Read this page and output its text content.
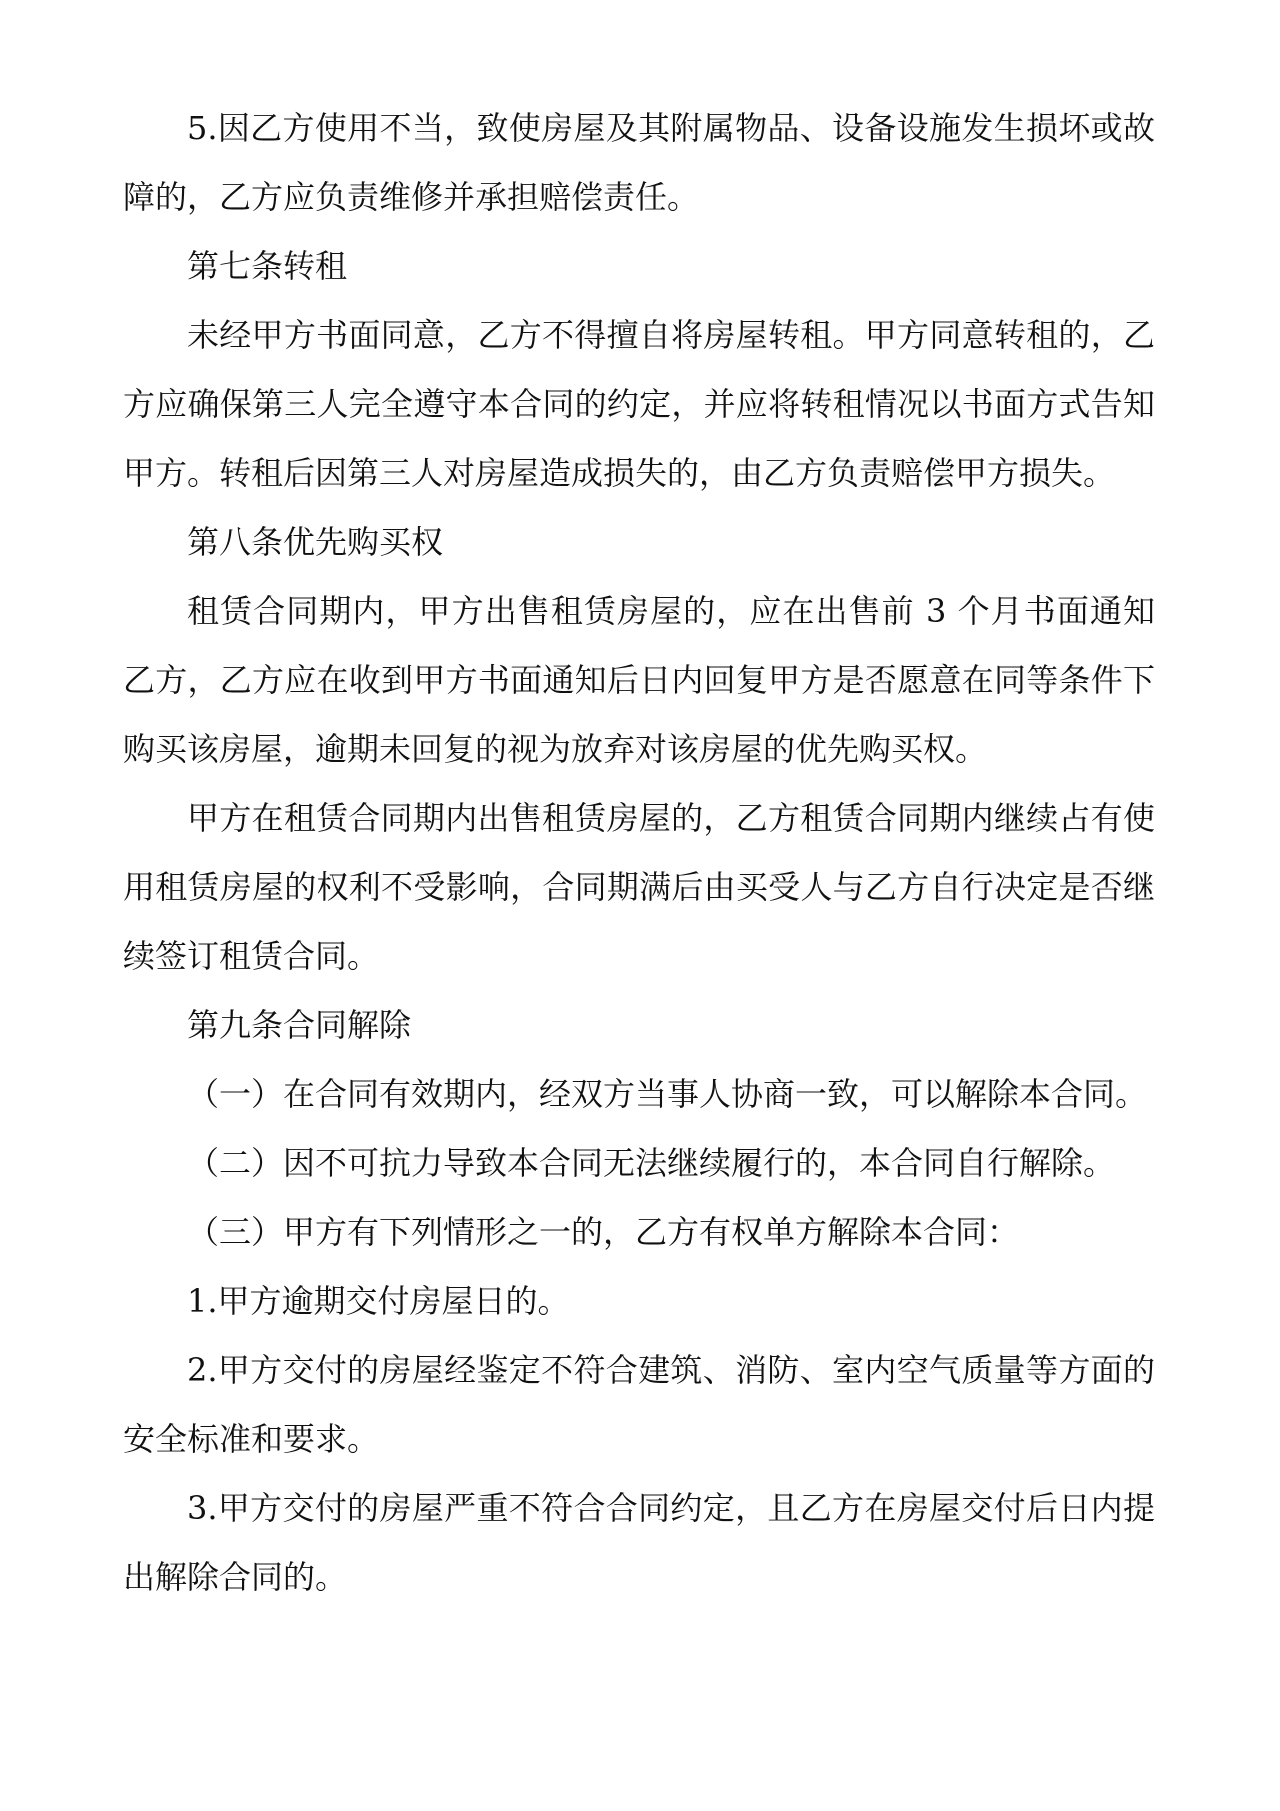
5.因乙方使用不当，致使房屋及其附属物品、设备设施发生损坏或故障的，乙方应负责维修并承担赔偿责任。

第七条转租

未经甲方书面同意，乙方不得擅自将房屋转租。甲方同意转租的，乙方应确保第三人完全遵守本合同的约定，并应将转租情况以书面方式告知甲方。转租后因第三人对房屋造成损失的，由乙方负责赔偿甲方损失。

第八条优先购买权

租赁合同期内，甲方出售租赁房屋的，应在出售前 3 个月书面通知乙方，乙方应在收到甲方书面通知后日内回复甲方是否愿意在同等条件下购买该房屋，逾期未回复的视为放弃对该房屋的优先购买权。

甲方在租赁合同期内出售租赁房屋的，乙方租赁合同期内继续占有使用租赁房屋的权利不受影响，合同期满后由买受人与乙方自行决定是否继续签订租赁合同。

第九条合同解除

（一）在合同有效期内，经双方当事人协商一致，可以解除本合同。

（二）因不可抗力导致本合同无法继续履行的，本合同自行解除。

（三）甲方有下列情形之一的，乙方有权单方解除本合同：

1.甲方逾期交付房屋日的。

2.甲方交付的房屋经鉴定不符合建筑、消防、室内空气质量等方面的安全标准和要求。

3.甲方交付的房屋严重不符合合同约定，且乙方在房屋交付后日内提出解除合同的。
